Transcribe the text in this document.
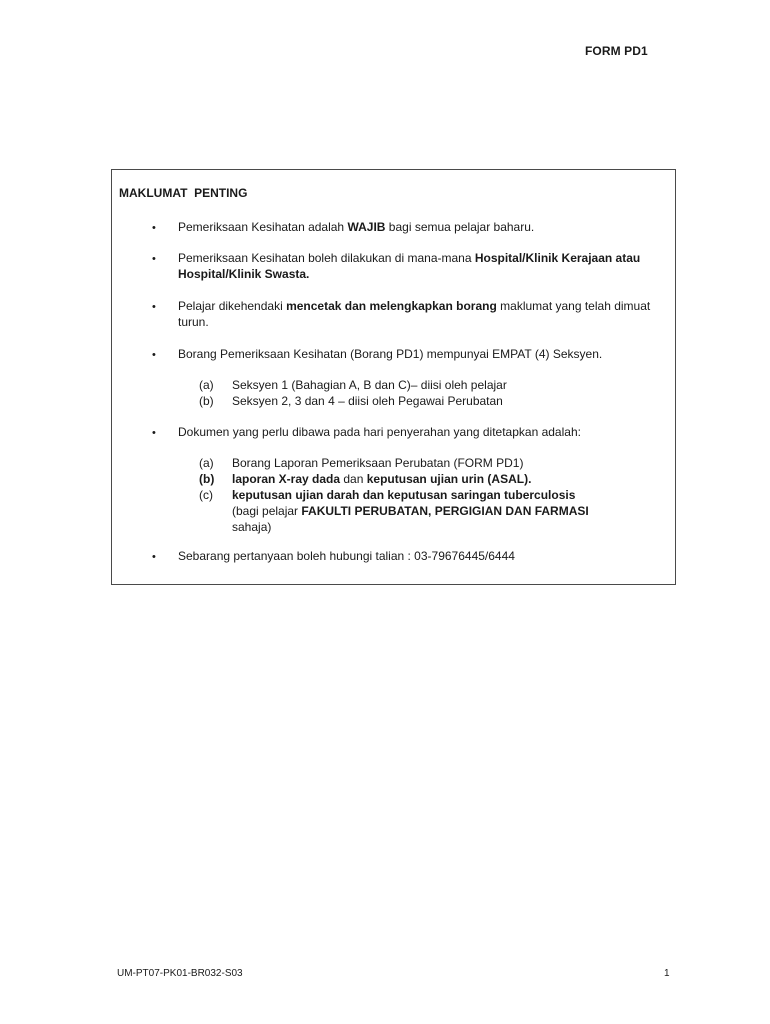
FORM PD1
MAKLUMAT  PENTING
• Pemeriksaan Kesihatan adalah WAJIB bagi semua pelajar baharu.
• Pemeriksaan Kesihatan boleh dilakukan di mana-mana Hospital/Klinik Kerajaan atau Hospital/Klinik Swasta.
• Pelajar dikehendaki mencetak dan melengkapkan borang maklumat yang telah dimuat turun.
• Borang Pemeriksaan Kesihatan (Borang PD1) mempunyai EMPAT (4) Seksyen.
(a)	Seksyen 1 (Bahagian A, B dan C)– diisi oleh pelajar
(b)	Seksyen 2, 3 dan 4 – diisi oleh Pegawai Perubatan
• Dokumen yang perlu dibawa pada hari penyerahan yang ditetapkan adalah:
(a)	Borang Laporan Pemeriksaan Perubatan (FORM PD1)
(b)	laporan X-ray dada dan keputusan ujian urin (ASAL).
(c)	keputusan ujian darah dan keputusan saringan tuberculosis
(bagi pelajar FAKULTI PERUBATAN, PERGIGIAN DAN FARMASI sahaja)
• Sebarang pertanyaan boleh hubungi talian : 03-79676445/6444
UM-PT07-PK01-BR032-S03	1
